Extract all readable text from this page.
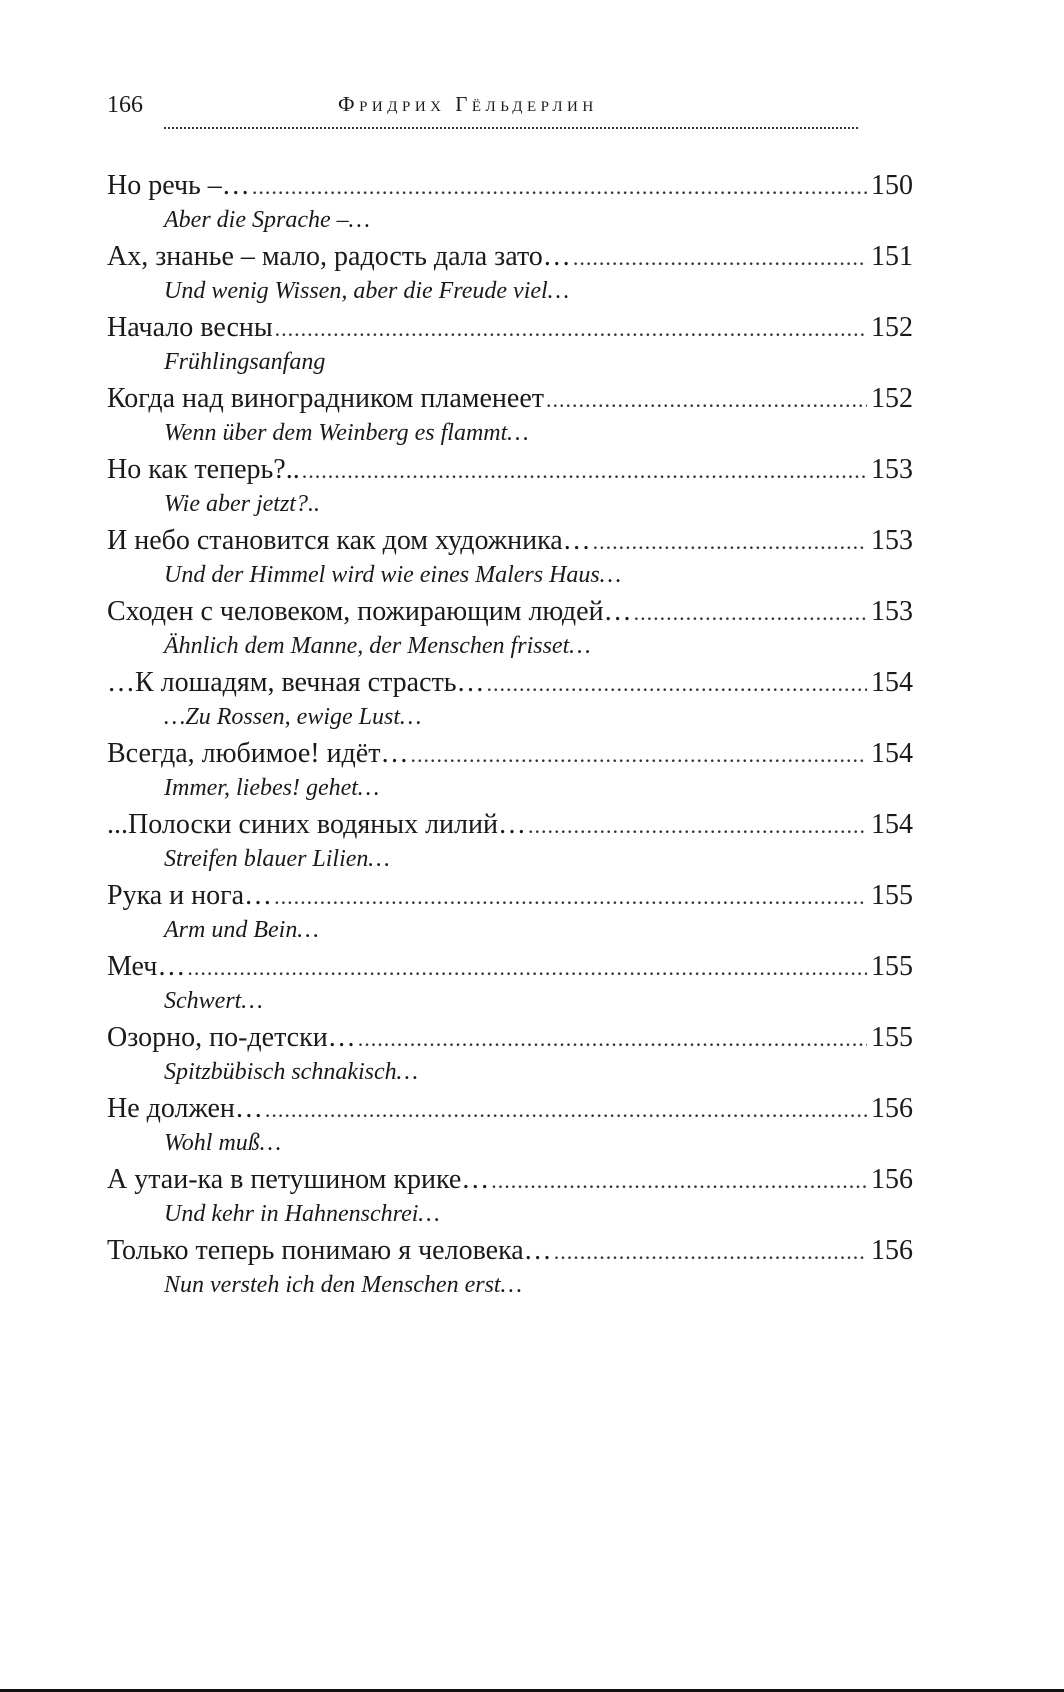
166	Фридрих Гёльдерлин
Но речь –… .....	150
Aber die Sprache –…
Ах, знанье – мало, радость дала зато… .....	151
Und wenig Wissen, aber die Freude viel…
Начало весны .....	152
Frühlingsanfang
Когда над виноградником пламенеет .....	152
Wenn über dem Weinberg es flammt…
Но как теперь?.. .....	153
Wie aber jetzt?..
И небо становится как дом художника… .....	153
Und der Himmel wird wie eines Malers Haus…
Сходен с человеком, пожирающим людей… .....	153
Ähnlich dem Manne, der Menschen frisset…
…К лошадям, вечная страсть… .....	154
…Zu Rossen, ewige Lust…
Всегда, любимое! идёт… .....	154
Immer, liebes! gehet…
...Полоски синих водяных лилий… .....	154
Streifen blauer Lilien…
Рука и нога… .....	155
Arm und Bein…
Меч… .....	155
Schwert…
Озорно, по-детски… .....	155
Spitzbübisch schnakisch…
Не должен… .....	156
Wohl muß…
А утаи-ка в петушином крике… .....	156
Und kehr in Hahnenschrei…
Только теперь понимаю я человека… .....	156
Nun versteh ich den Menschen erst…
